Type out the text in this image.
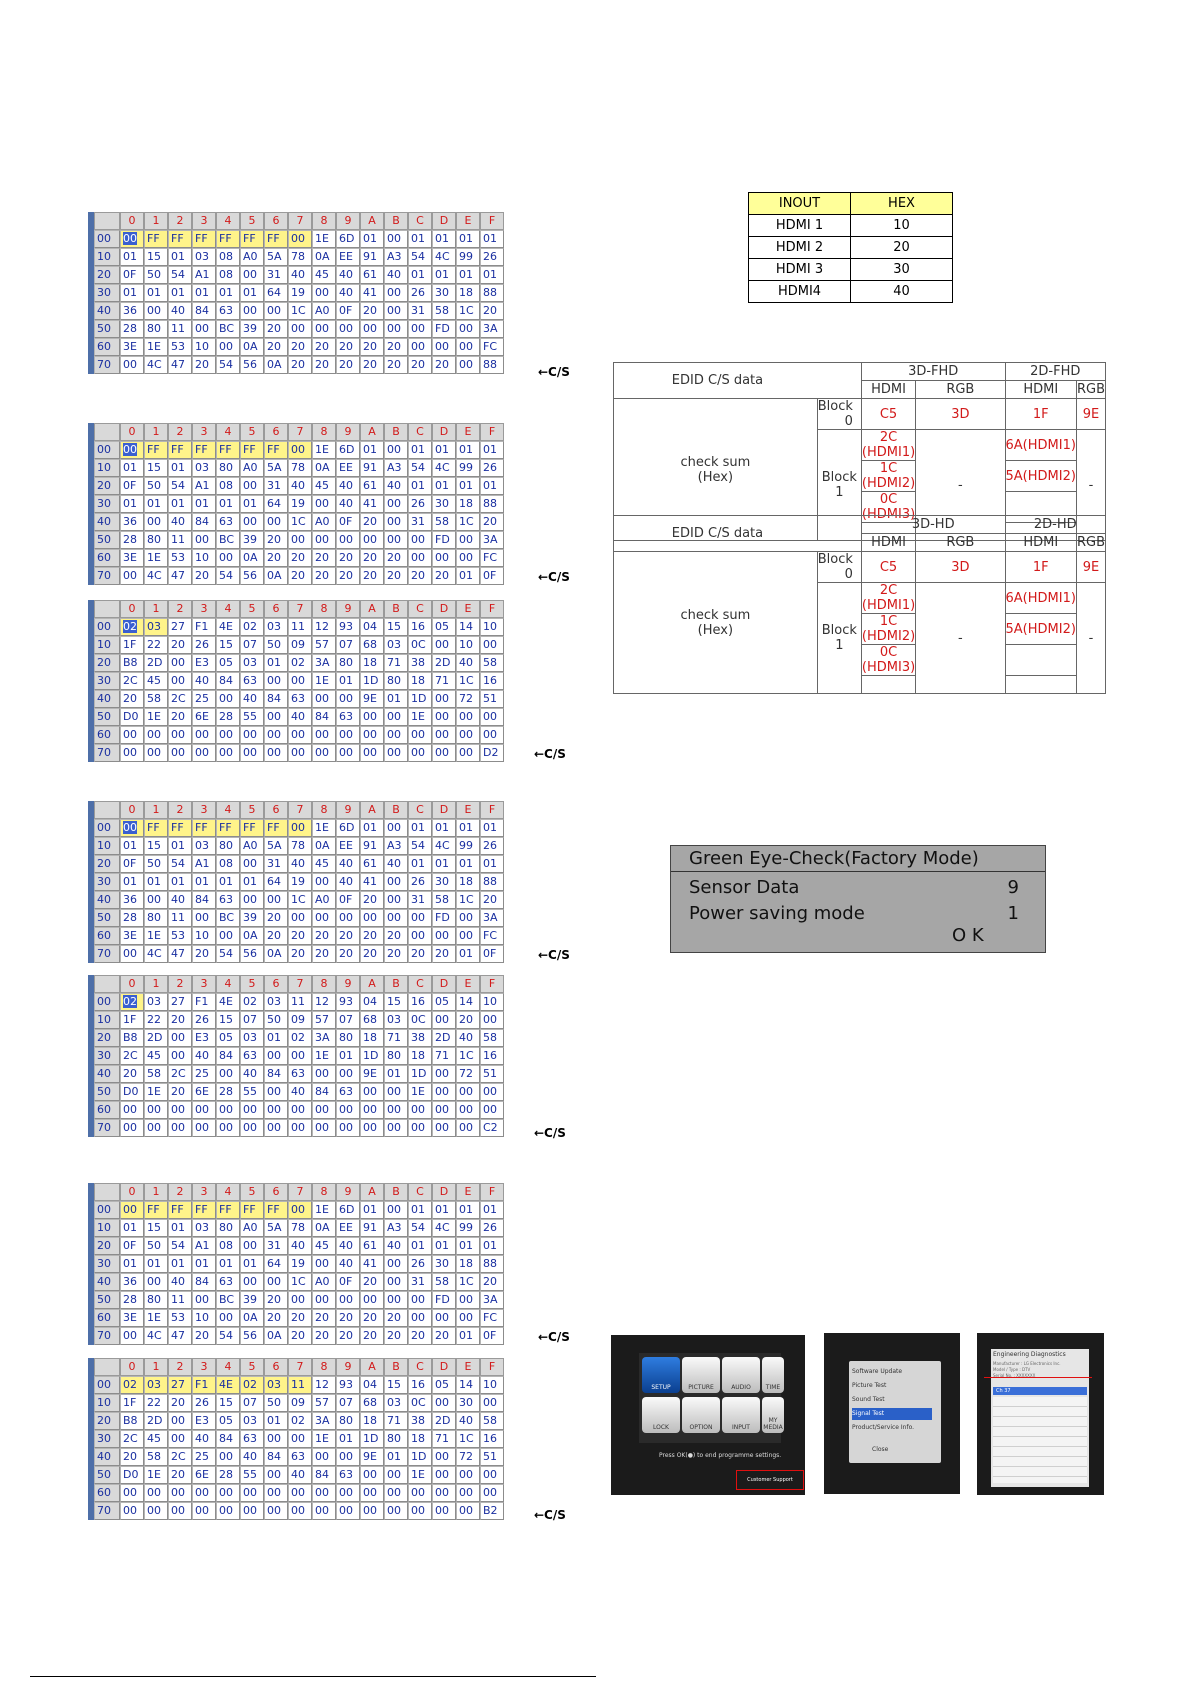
	0	1	2	3	4	5	6	7	8	9	A	B	C	D	E	F
00	00	FF	FF	FF	FF	FF	FF	00	1E	6D	01	00	01	01	01	01
10	01	15	01	03	08	A0	5A	78	0A	EE	91	A3	54	4C	99	26
20	0F	50	54	A1	08	00	31	40	45	40	61	40	01	01	01	01
30	01	01	01	01	01	01	64	19	00	40	41	00	26	30	18	88
40	36	00	40	84	63	00	00	1C	A0	0F	20	00	31	58	1C	20
50	28	80	11	00	BC	39	20	00	00	00	00	00	00	FD	00	3A
60	3E	1E	53	10	00	0A	20	20	20	20	20	20	00	00	00	FC
70	00	4C	47	20	54	56	0A	20	20	20	20	20	20	20	00	88
←C/S
	0	1	2	3	4	5	6	7	8	9	A	B	C	D	E	F
00	00	FF	FF	FF	FF	FF	FF	00	1E	6D	01	00	01	01	01	01
10	01	15	01	03	80	A0	5A	78	0A	EE	91	A3	54	4C	99	26
20	0F	50	54	A1	08	00	31	40	45	40	61	40	01	01	01	01
30	01	01	01	01	01	01	64	19	00	40	41	00	26	30	18	88
40	36	00	40	84	63	00	00	1C	A0	0F	20	00	31	58	1C	20
50	28	80	11	00	BC	39	20	00	00	00	00	00	00	FD	00	3A
60	3E	1E	53	10	00	0A	20	20	20	20	20	20	00	00	00	FC
70	00	4C	47	20	54	56	0A	20	20	20	20	20	20	20	01	0F	←C/S
	0	1	2	3	4	5	6	7	8	9	A	B	C	D	E	F
00	02	03	27	F1	4E	02	03	11	12	93	04	15	16	05	14	10
10	1F	22	20	26	15	07	50	09	57	07	68	03	0C	00	10	00
20	B8	2D	00	E3	05	03	01	02	3A	80	18	71	38	2D	40	58
30	2C	45	00	40	84	63	00	00	1E	01	1D	80	18	71	1C	16
40	20	58	2C	25	00	40	84	63	00	00	9E	01	1D	00	72	51
50	D0	1E	20	6E	28	55	00	40	84	63	00	00	1E	00	00	00
60	00	00	00	00	00	00	00	00	00	00	00	00	00	00	00	00
70	00	00	00	00	00	00	00	00	00	00	00	00	00	00	00	D2	←C/S
	0	1	2	3	4	5	6	7	8	9	A	B	C	D	E	F
00	00	FF	FF	FF	FF	FF	FF	00	1E	6D	01	00	01	01	01	01
10	01	15	01	03	80	A0	5A	78	0A	EE	91	A3	54	4C	99	26
20	0F	50	54	A1	08	00	31	40	45	40	61	40	01	01	01	01
30	01	01	01	01	01	01	64	19	00	40	41	00	26	30	18	88
40	36	00	40	84	63	00	00	1C	A0	0F	20	00	31	58	1C	20
50	28	80	11	00	BC	39	20	00	00	00	00	00	00	FD	00	3A
60	3E	1E	53	10	00	0A	20	20	20	20	20	20	00	00	00	FC
70	00	4C	47	20	54	56	0A	20	20	20	20	20	20	20	01	0F	←C/S
	0	1	2	3	4	5	6	7	8	9	A	B	C	D	E	F
00	02	03	27	F1	4E	02	03	11	12	93	04	15	16	05	14	10
10	1F	22	20	26	15	07	50	09	57	07	68	03	0C	00	20	00
20	B8	2D	00	E3	05	03	01	02	3A	80	18	71	38	2D	40	58
30	2C	45	00	40	84	63	00	00	1E	01	1D	80	18	71	1C	16
40	20	58	2C	25	00	40	84	63	00	00	9E	01	1D	00	72	51
50	D0	1E	20	6E	28	55	00	40	84	63	00	00	1E	00	00	00
60	00	00	00	00	00	00	00	00	00	00	00	00	00	00	00	00
70	00	00	00	00	00	00	00	00	00	00	00	00	00	00	00	C2	←C/S
	0	1	2	3	4	5	6	7	8	9	A	B	C	D	E	F
00	00	FF	FF	FF	FF	FF	FF	00	1E	6D	01	00	01	01	01	01
10	01	15	01	03	80	A0	5A	78	0A	EE	91	A3	54	4C	99	26
20	0F	50	54	A1	08	00	31	40	45	40	61	40	01	01	01	01
30	01	01	01	01	01	01	64	19	00	40	41	00	26	30	18	88
40	36	00	40	84	63	00	00	1C	A0	0F	20	00	31	58	1C	20
50	28	80	11	00	BC	39	20	00	00	00	00	00	00	FD	00	3A
60	3E	1E	53	10	00	0A	20	20	20	20	20	20	00	00	00	FC
70	00	4C	47	20	54	56	0A	20	20	20	20	20	20	20	01	0F	←C/S
	0	1	2	3	4	5	6	7	8	9	A	B	C	D	E	F
00	02	03	27	F1	4E	02	03	11	12	93	04	15	16	05	14	10
10	1F	22	20	26	15	07	50	09	57	07	68	03	0C	00	30	00
20	B8	2D	00	E3	05	03	01	02	3A	80	18	71	38	2D	40	58
30	2C	45	00	40	84	63	00	00	1E	01	1D	80	18	71	1C	16
40	20	58	2C	25	00	40	84	63	00	00	9E	01	1D	00	72	51
50	D0	1E	20	6E	28	55	00	40	84	63	00	00	1E	00	00	00
60	00	00	00	00	00	00	00	00	00	00	00	00	00	00	00	00
70	00	00	00	00	00	00	00	00	00	00	00	00	00	00	00	B2	←C/S
INOUT	HEX
HDMI 1	10
HDMI 2	20
HDMI 3	30
HDMI4	40
EDID C/S data		3D-FHD		2D-FHD	
		HDMI	RGB	HDMI	RGB

check sum
(Hex)	Block 0	C5	3D	1F	9E
	Block 1	2C (HDMI1)	-	6A(HDMI1)	-
		1C (HDMI2)		5A(HDMI2)	
		0C (HDMI3)			

EDID C/S data		3D-HD		2D-HD	
		HDMI	RGB	HDMI	RGB

check sum
(Hex)	Block 0	C5	3D	1F	9E
	Block 1	2C (HDMI1)	-	6A(HDMI1)	-
		1C (HDMI2)		5A(HDMI2)	
		0C (HDMI3)			

Green Eye-Check(Factory Mode)
Sensor Data	9
Power saving mode	1
O K
SETUP	PICTURE	AUDIO	TIME
LOCK	OPTION	INPUT
MY MEDIA
Press OK(●) to end programme settings.
Customer Support
Software Update
Picture Test
Sound Test
Signal Test
Product/Service Info.
Close
Engineering Diagnostics
Manufacturer : LG Electronics Inc.
Model / Type : DTV
Serial No. : XXXXXXX
Ch 37
